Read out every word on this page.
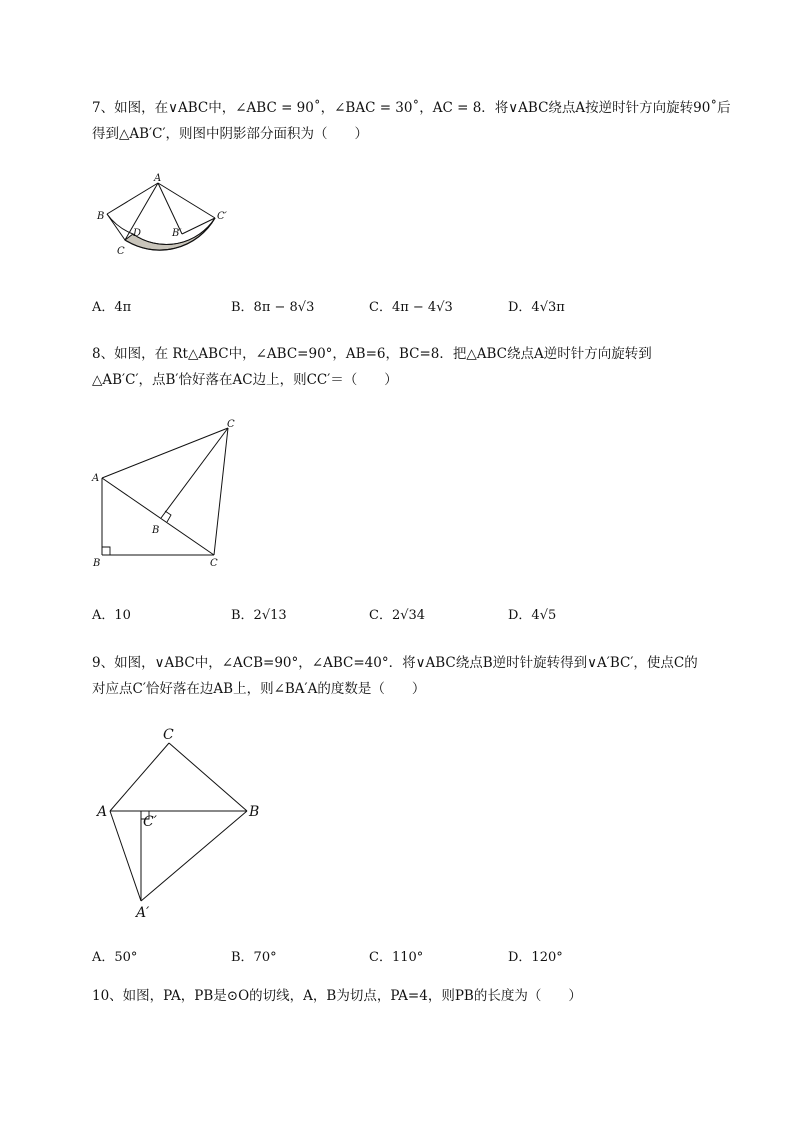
7、如图，在∨ABC中，∠ABC = 90˚，∠BAC = 30˚，AC = 8．将∨ABC绕点A按逆时针方向旋转90˚后
得到△AB′C′，则图中阴影部分面积为（　　）
A
B
C
D	B′
C′
A．4π	B．8π − 8√3	C．4π − 4√3	D．4√3π
8、如图，在 Rt△ABC中，∠ABC=90°，AB=6，BC=8．把△ABC绕点A逆时针方向旋转到
△AB′C′，点B′恰好落在AC边上，则CC′＝（　　）
A
B	C
B
C
A．10	B．2√13	C．2√34	D．4√5
9、如图，∨ABC中，∠ACB=90°，∠ABC=40°．将∨ABC绕点B逆时针旋转得到∨A′BC′，使点C的
对应点C′恰好落在边AB上，则∠BA′A的度数是（　　）
A	B
C
C′
A′
A．50°	B．70°	C．110°	D．120°
10、如图，PA，PB是⊙O的切线，A，B为切点，PA=4，则PB的长度为（　　）
